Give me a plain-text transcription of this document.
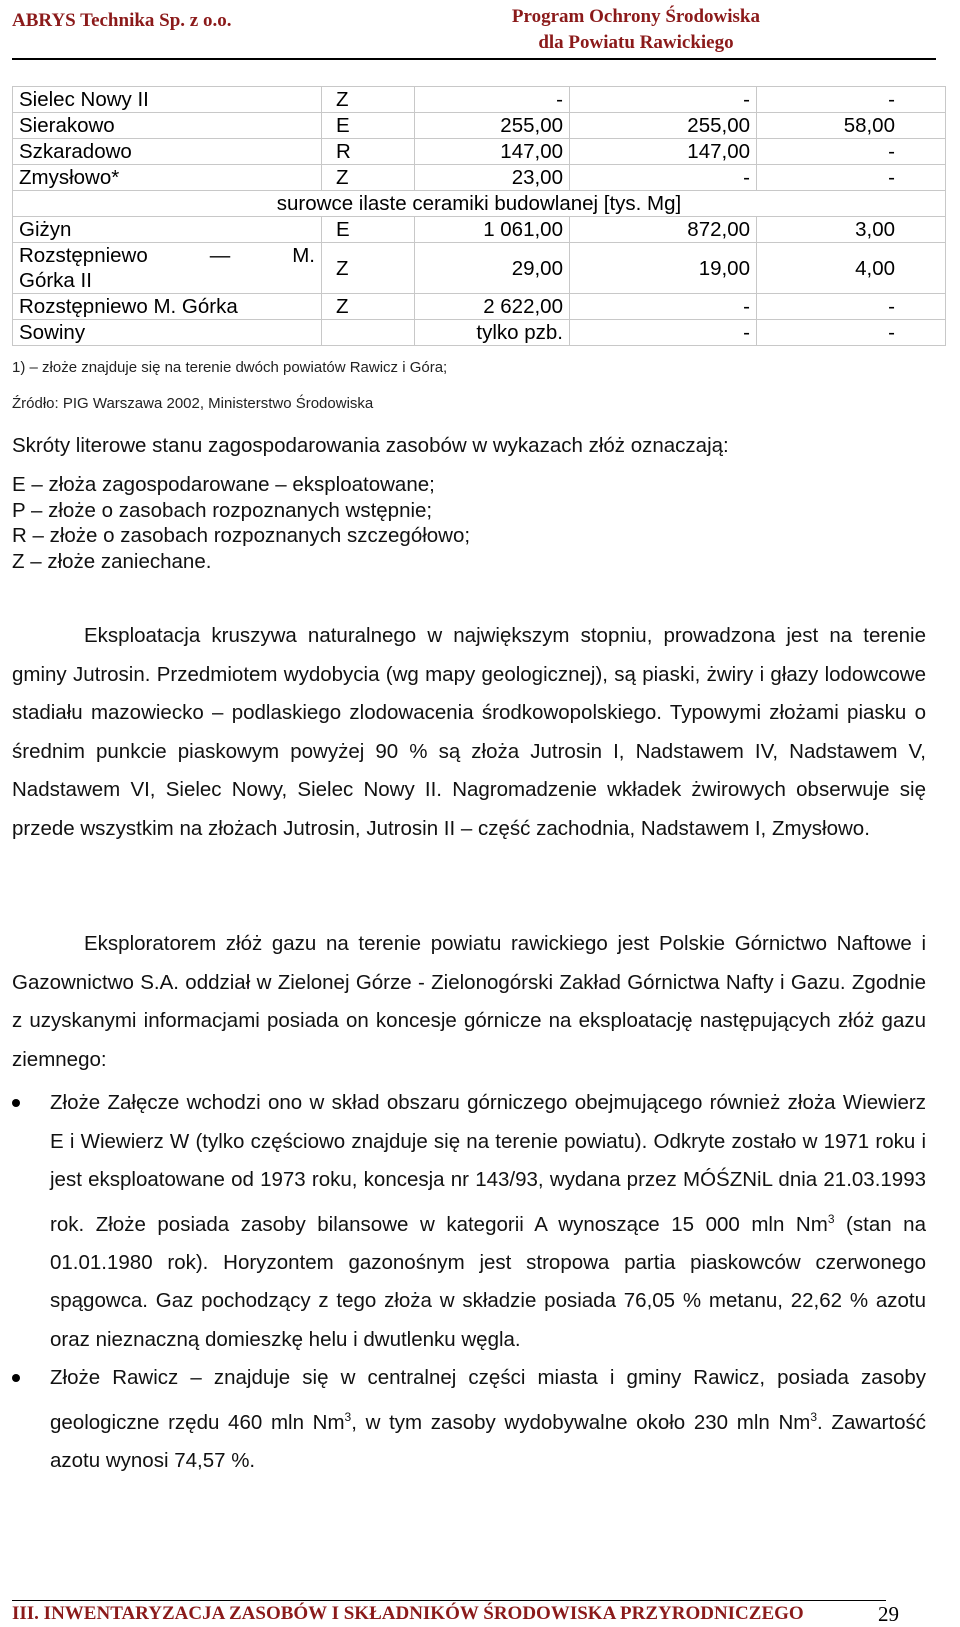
ABRYS Technika Sp. z o.o.	Program Ochrony Środowiska
dla Powiatu Rawickiego
Sielec Nowy II	Z	-	-	-
Sierakowo	E	255,00	255,00	58,00
Szkaradowo	R	147,00	147,00	-
Zmysłowo*	Z	23,00	-	-
surowce ilaste ceramiki budowlanej [tys. Mg]				
Giżyn	E	1 061,00	872,00	3,00

Rozstępniewo — M.
Górka II	Z	29,00	19,00	4,00
Rozstępniewo M. Górka	Z	2 622,00	-	-
Sowiny		tylko pzb.	-	-
1) – złoże znajduje się na terenie dwóch powiatów Rawicz i Góra;
Źródło: PIG Warszawa 2002, Ministerstwo Środowiska
Skróty literowe stanu zagospodarowania zasobów w wykazach złóż oznaczają:
E – złoża zagospodarowane – eksploatowane;
P – złoże o zasobach rozpoznanych wstępnie;
R – złoże o zasobach rozpoznanych szczegółowo;
Z – złoże zaniechane.
Eksploatacja kruszywa naturalnego w największym stopniu, prowadzona jest na terenie gminy Jutrosin. Przedmiotem wydobycia (wg mapy geologicznej), są piaski, żwiry i głazy lodowcowe stadiału mazowiecko – podlaskiego zlodowacenia środkowopolskiego. Typowymi złożami piasku o średnim punkcie piaskowym powyżej 90 % są złoża Jutrosin I, Nadstawem IV, Nadstawem V, Nadstawem VI, Sielec Nowy, Sielec Nowy II. Nagromadzenie wkładek żwirowych obserwuje się przede wszystkim na złożach Jutrosin, Jutrosin II – część zachodnia, Nadstawem I, Zmysłowo.
Eksploratorem złóż gazu na terenie powiatu rawickiego jest Polskie Górnictwo Naftowe i Gazownictwo S.A. oddział w Zielonej Górze - Zielonogórski Zakład Górnictwa Nafty i Gazu. Zgodnie z uzyskanymi informacjami posiada on koncesje górnicze na eksploatację następujących złóż gazu ziemnego:
Złoże Załęcze wchodzi ono w skład obszaru górniczego obejmującego również złoża Wiewierz E i Wiewierz W (tylko częściowo znajduje się na terenie powiatu). Odkryte zostało w 1971 roku i jest eksploatowane od 1973 roku, koncesja nr 143/93, wydana przez MÓŚZNiL dnia 21.03.1993 rok. Złoże posiada zasoby bilansowe w kategorii A wynoszące 15 000 mln Nm$^3$ (stan na 01.01.1980 rok). Horyzontem gazonośnym jest stropowa partia piaskowców czerwonego spągowca. Gaz pochodzący z tego złoża w składzie posiada 76,05 % metanu, 22,62 % azotu oraz nieznaczną domieszkę helu i dwutlenku węgla.
Złoże Rawicz – znajduje się w centralnej części miasta i gminy Rawicz, posiada zasoby geologiczne rzędu 460 mln Nm$^3$, w tym zasoby wydobywalne około 230 mln Nm$^3$. Zawartość azotu wynosi 74,57 %.
III. INWENTARYZACJA ZASOBÓW I SKŁADNIKÓW ŚRODOWISKA PRZYRODNICZEGO	29
